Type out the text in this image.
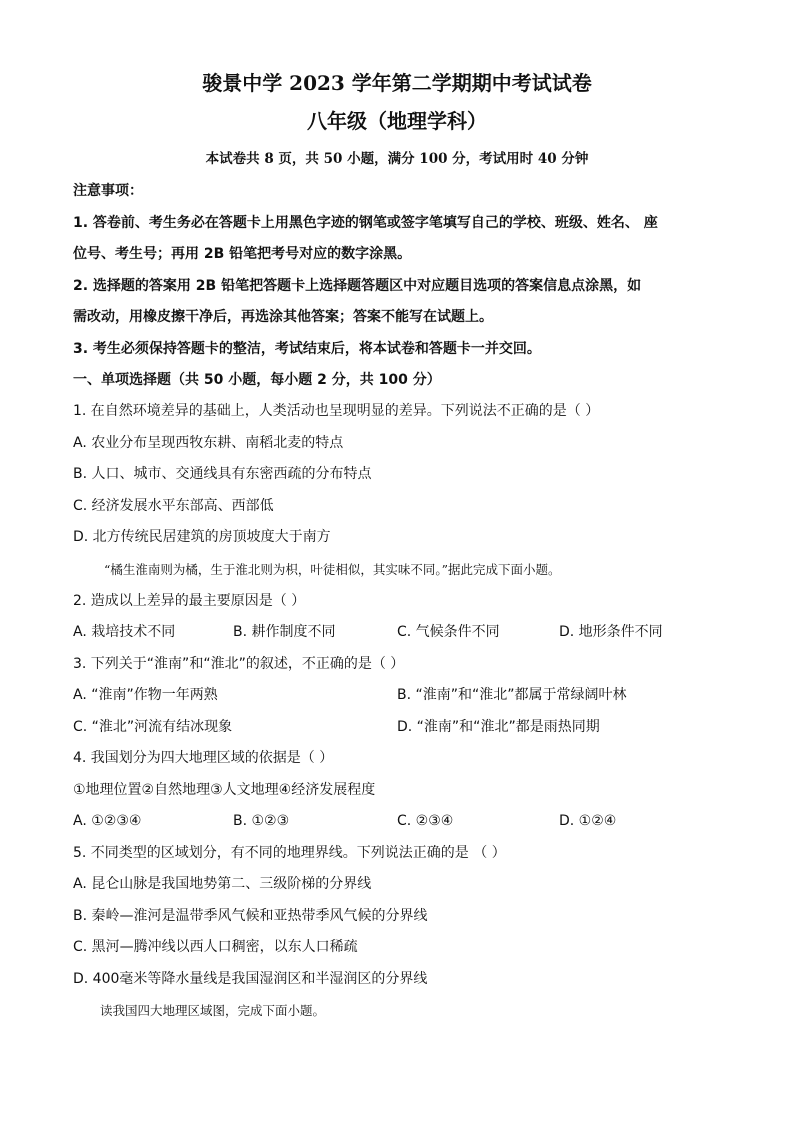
骏景中学 2023 学年第二学期期中考试试卷
八年级（地理学科）
本试卷共 8 页，共 50 小题，满分 100 分，考试用时 40 分钟
注意事项：
1. 答卷前、考生务必在答题卡上用黑色字迹的钢笔或签字笔填写自己的学校、班级、姓名、 座
位号、考生号；再用 2B 铅笔把考号对应的数字涂黑。
2. 选择题的答案用 2B 铅笔把答题卡上选择题答题区中对应题目选项的答案信息点涂黑，如
需改动，用橡皮擦干净后，再选涂其他答案；答案不能写在试题上。
3. 考生必须保持答题卡的整洁，考试结束后，将本试卷和答题卡一并交回。
一、单项选择题（共 50 小题，每小题 2 分，共 100 分）
1. 在自然环境差异的基础上，人类活动也呈现明显的差异。下列说法不正确的是（ ）
A. 农业分布呈现西牧东耕、南稻北麦的特点
B. 人口、城市、交通线具有东密西疏的分布特点
C. 经济发展水平东部高、西部低
D. 北方传统民居建筑的房顶坡度大于南方
“橘生淮南则为橘，生于淮北则为枳，叶徒相似，其实味不同。”据此完成下面小题。
2. 造成以上差异的最主要原因是（ ）
A. 栽培技术不同	B. 耕作制度不同	C. 气候条件不同	D. 地形条件不同
3. 下列关于“淮南”和“淮北”的叙述，不正确的是（ ）
A. “淮南”作物一年两熟	B. “淮南”和“淮北”都属于常绿阔叶林
C. “淮北”河流有结冰现象	D. “淮南”和“淮北”都是雨热同期
4. 我国划分为四大地理区域的依据是（ ）
①地理位置②自然地理③人文地理④经济发展程度
A. ①②③④	B. ①②③	C. ②③④	D. ①②④
5. 不同类型的区域划分，有不同的地理界线。下列说法正确的是 （ ）
A. 昆仑山脉是我国地势第二、三级阶梯的分界线
B. 秦岭—淮河是温带季风气候和亚热带季风气候的分界线
C. 黑河—腾冲线以西人口稠密，以东人口稀疏
D. 400毫米等降水量线是我国湿润区和半湿润区的分界线
读我国四大地理区域图，完成下面小题。
